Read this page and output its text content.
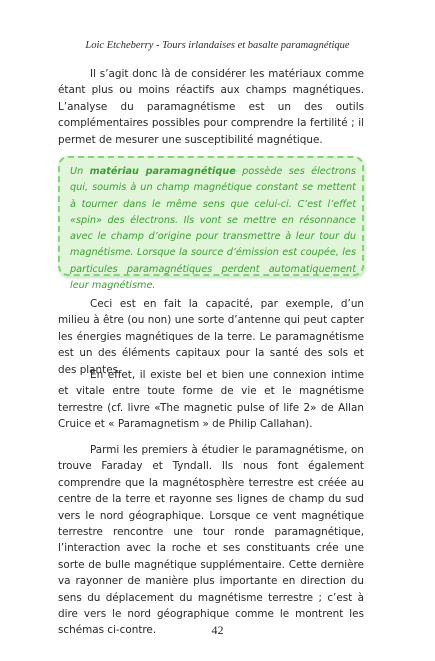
Loic Etcheberry - Tours irlandaises et basalte paramagnétique

Il s’agit donc là de considérer les matériaux comme étant plus ou moins réactifs aux champs magnétiques. L’analyse du paramagnétisme est un des outils complémentaires possibles pour comprendre la fertilité ; il permet de mesurer une susceptibilité magnétique.

Un matériau paramagnétique possède ses électrons qui, soumis à un champ magnétique constant se mettent à tourner dans le même sens que celui-ci. C’est l’effet «spin» des électrons. Ils vont se mettre en résonnance avec le champ d’origine pour transmettre à leur tour du magnétisme. Lorsque la source d’émission est coupée, les particules paramagnétiques perdent automatiquement leur magnétisme.

Ceci est en fait la capacité, par exemple, d’un milieu à être (ou non) une sorte d’antenne qui peut capter les énergies magnétiques de la terre. Le paramagnétisme est un des éléments capitaux pour la santé des sols et des plantes.

En effet, il existe bel et bien une connexion intime et vitale entre toute forme de vie et le magnétisme terrestre (cf. livre «The magnetic pulse of life 2» de Allan Cruice et « Paramagnetism » de Philip Callahan).

Parmi les premiers à étudier le paramagnétisme, on trouve Faraday et Tyndall. Ils nous font également comprendre que la magnétosphère terrestre est créée au centre de la terre et rayonne ses lignes de champ du sud vers le nord géographique. Lorsque ce vent magnétique terrestre rencontre une tour ronde paramagnétique, l’interaction avec la roche et ses constituants crée une sorte de bulle magnétique supplémentaire. Cette dernière va rayonner de manière plus importante en direction du sens du déplacement du magnétisme terrestre ; c’est à dire vers le nord géographique comme le montrent les schémas ci-contre.	42
